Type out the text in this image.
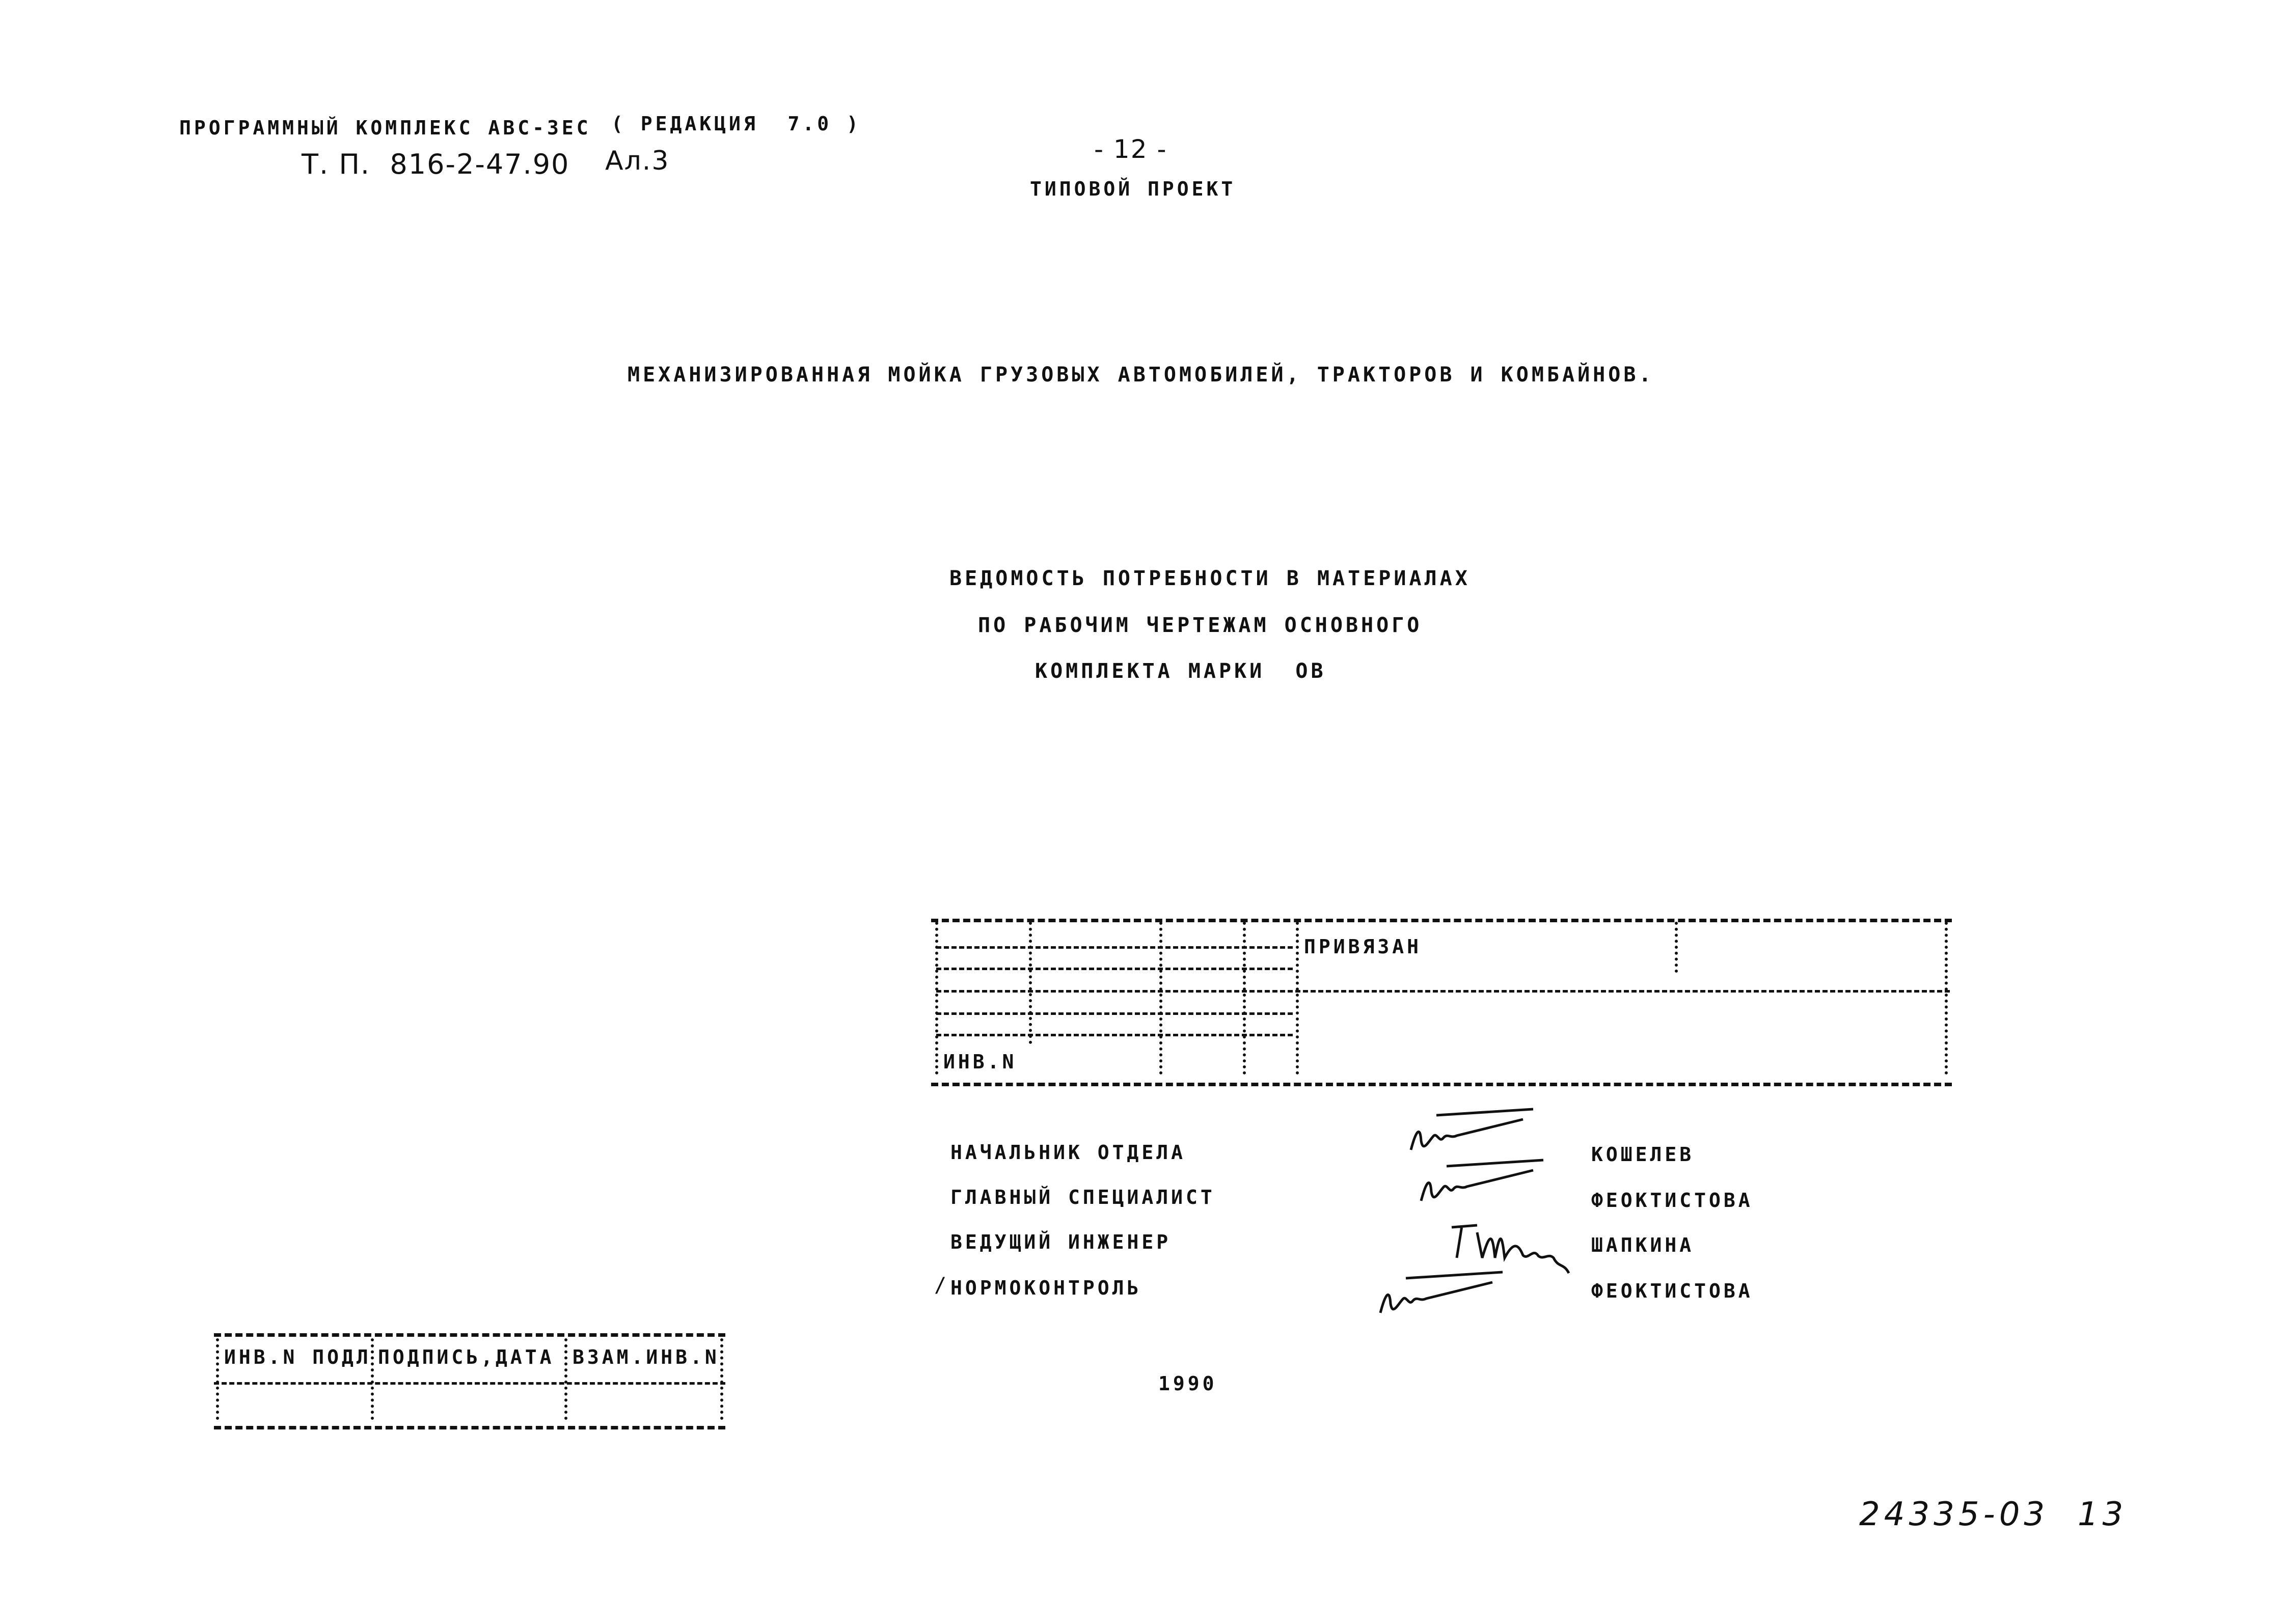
ПРОГРАММНЫЙ КОМПЛЕКС АВС-3ЕС ( РЕДАКЦИЯ  7.0 )
Т. П.  816-2-47.90 Ал.3	- 12 -
ТИПОВОЙ ПРОЕКТ
МЕХАНИЗИРОВАННАЯ МОЙКА ГРУЗОВЫХ АВТОМОБИЛЕЙ, ТРАКТОРОВ И КОМБАЙНОВ.
ВЕДОМОСТЬ ПОТРЕБНОСТИ В МАТЕРИАЛАХ
ПО РАБОЧИМ ЧЕРТЕЖАМ ОСНОВНОГО
КОМПЛЕКТА МАРКИ  ОВ
ПРИВЯЗАН
ИНВ.N
НАЧАЛЬНИК ОТДЕЛА
ГЛАВНЫЙ СПЕЦИАЛИСТ
ВЕДУЩИЙ ИНЖЕНЕР
НОРМОКОНТРОЛЬ
/
КОШЕЛЕВ
ФЕОКТИСТОВА
ШАПКИНА
ФЕОКТИСТОВА
ИНВ.N ПОДЛ ПОДПИСЬ,ДАТА ВЗАМ.ИНВ.N
1990
24335-03  13
